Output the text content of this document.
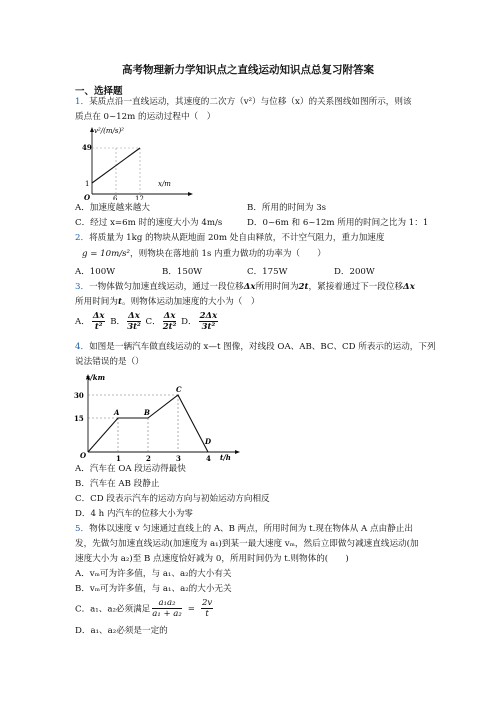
高考物理新力学知识点之直线运动知识点总复习附答案
一、选择题
1．某质点沿一直线运动，其速度的二次方（v²）与位移（x）的关系图线如图所示，则该
质点在 0~12m 的运动过程中（　）
v²/(m/s)²
x/m
49
1
O	6	12
A．加速度越来越大	B．所用的时间为 3s
C．经过 x=6m 时的速度大小为 4m/s	D．0~6m 和 6~12m 所用的时间之比为 1：1
2．将质量为 1kg 的物块从距地面 20m 处自由释放，不计空气阻力，重力加速度
g = 10m/s²，则物块在落地前 1s 内重力做功的功率为（　　）
A．100W	B．150W	C．175W	D．200W
3．一物体做匀加速直线运动，通过一段位移Δx所用时间为2t，紧接着通过下一段位移Δx
所用时间为t。则物体运动加速度的大小为（　）
A． $\frac{\Delta x}{\text{t²}}$ B． $\frac{\Delta x}{\text{3t²}}$ C． $\frac{\Delta x}{\text{2t²}}$ D． $\frac{2\Delta x}{\text{3t²}}$
4．如图是一辆汽车做直线运动的 x—t 图像，对线段 OA、AB、BC、CD 所表示的运动，下列
说法错误的是（）
x/km
t/h
30
15
O	1	2	3	4
A	B
C
D
A．汽车在 OA 段运动得最快
B．汽车在 AB 段静止
C．CD 段表示汽车的运动方向与初始运动方向相反
D．4 h 内汽车的位移大小为零
5．物体以速度 v 匀速通过直线上的 A、B 两点，所用时间为 t.现在物体从 A 点由静止出
发，先做匀加速直线运动(加速度为 a₁)到某一最大速度 vₘ，然后立即做匀减速直线运动(加
速度大小为 a₂)至 B 点速度恰好减为 0，所用时间仍为 t.则物体的(　　)
A．vₘ可为许多值，与 a₁、a₂的大小有关
B．vₘ可为许多值，与 a₁、a₂的大小无关
C．a₁、a₂必须满足 $\frac{\text{a₁a₂}}{\text{a₁ + a₂}} = \frac{2v}{t}$
D．a₁、a₂必须是一定的
